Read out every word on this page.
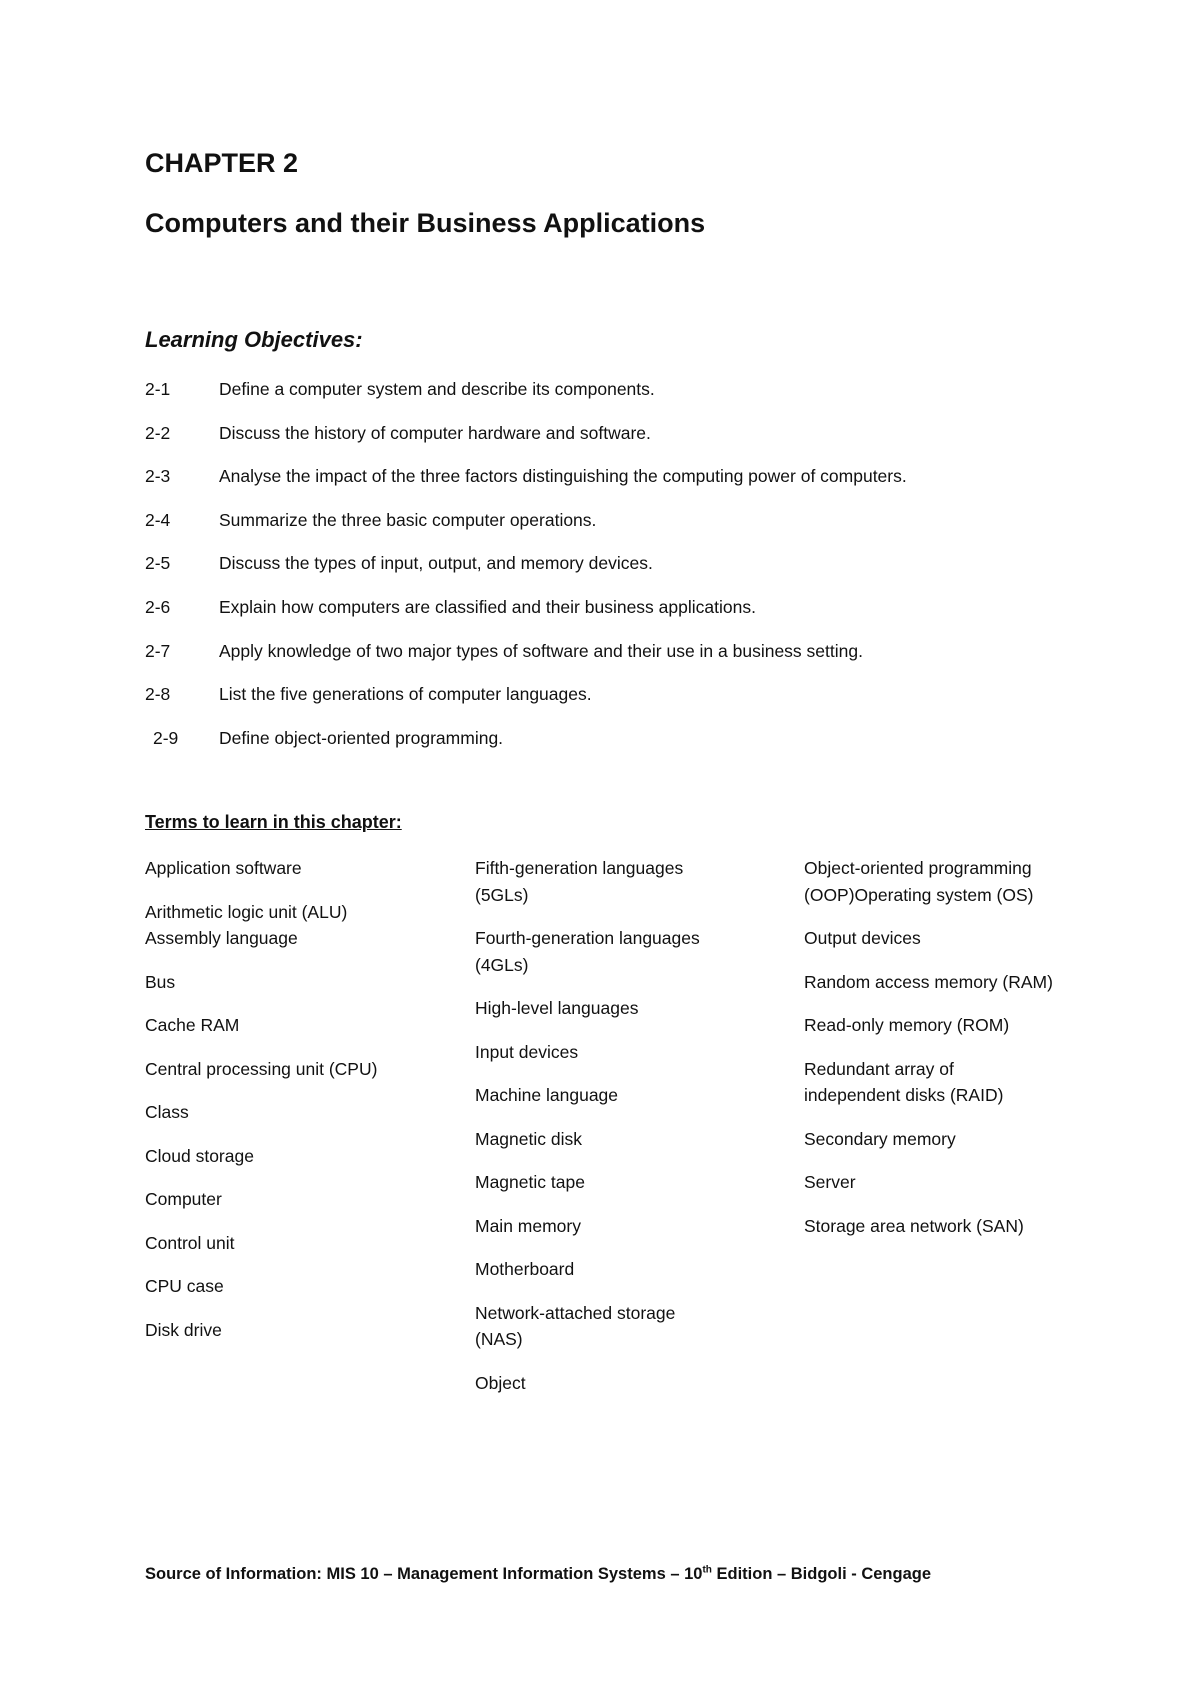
CHAPTER 2
Computers and their Business Applications
Learning Objectives:
2-1	Define a computer system and describe its components.
2-2	Discuss the history of computer hardware and software.
2-3	Analyse the impact of the three factors distinguishing the computing power of computers.
2-4	Summarize the three basic computer operations.
2-5	Discuss the types of input, output, and memory devices.
2-6	Explain how computers are classified and their business applications.
2-7	Apply knowledge of two major types of software and their use in a business setting.
2-8	List the five generations of computer languages.
2-9	Define object-oriented programming.
Terms to learn in this chapter:

Application software

Arithmetic logic unit (ALU)

Assembly language

Bus

Cache RAM

Central processing unit (CPU)

Class

Cloud storage

Computer

Control unit

CPU case

Disk drive

Fifth-generation languages (5GLs)

Fourth-generation languages (4GLs)

High-level languages

Input devices

Machine language

Magnetic disk

Magnetic tape

Main memory

Motherboard

Network-attached storage (NAS)

Object

Object-oriented programming (OOP)Operating system (OS)

Output devices

Random access memory (RAM)

Read-only memory (ROM)

Redundant array of independent disks (RAID)

Secondary memory

Server

Storage area network (SAN)

Source of Information: MIS 10 – Management Information Systems – 10th Edition – Bidgoli - Cengage
